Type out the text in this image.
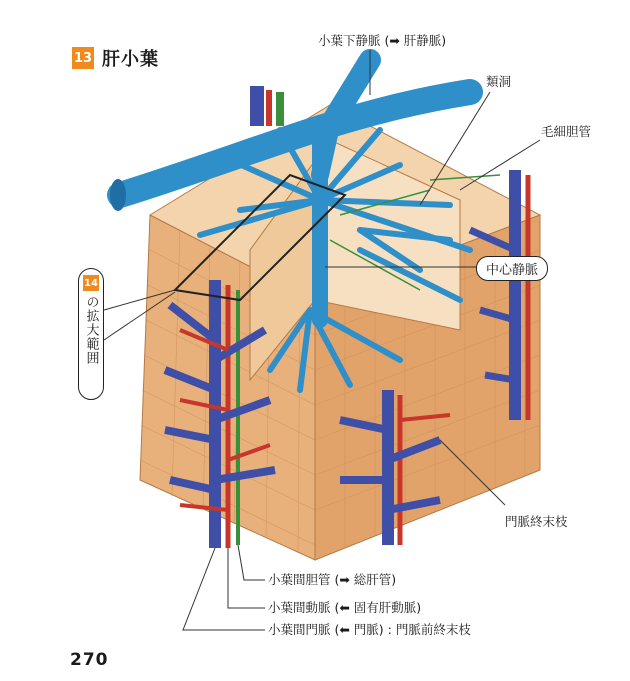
13 肝小葉
小葉下静脈 (➡ 肝静脈)
類洞
毛細胆管
中心静脈
門脈終末枝
小葉間胆管 (➡ 総肝管)
小葉間動脈 (⬅ 固有肝動脈)
小葉間門脈 (⬅ 門脈) : 門脈前終末枝
14
の拡大範囲
270
